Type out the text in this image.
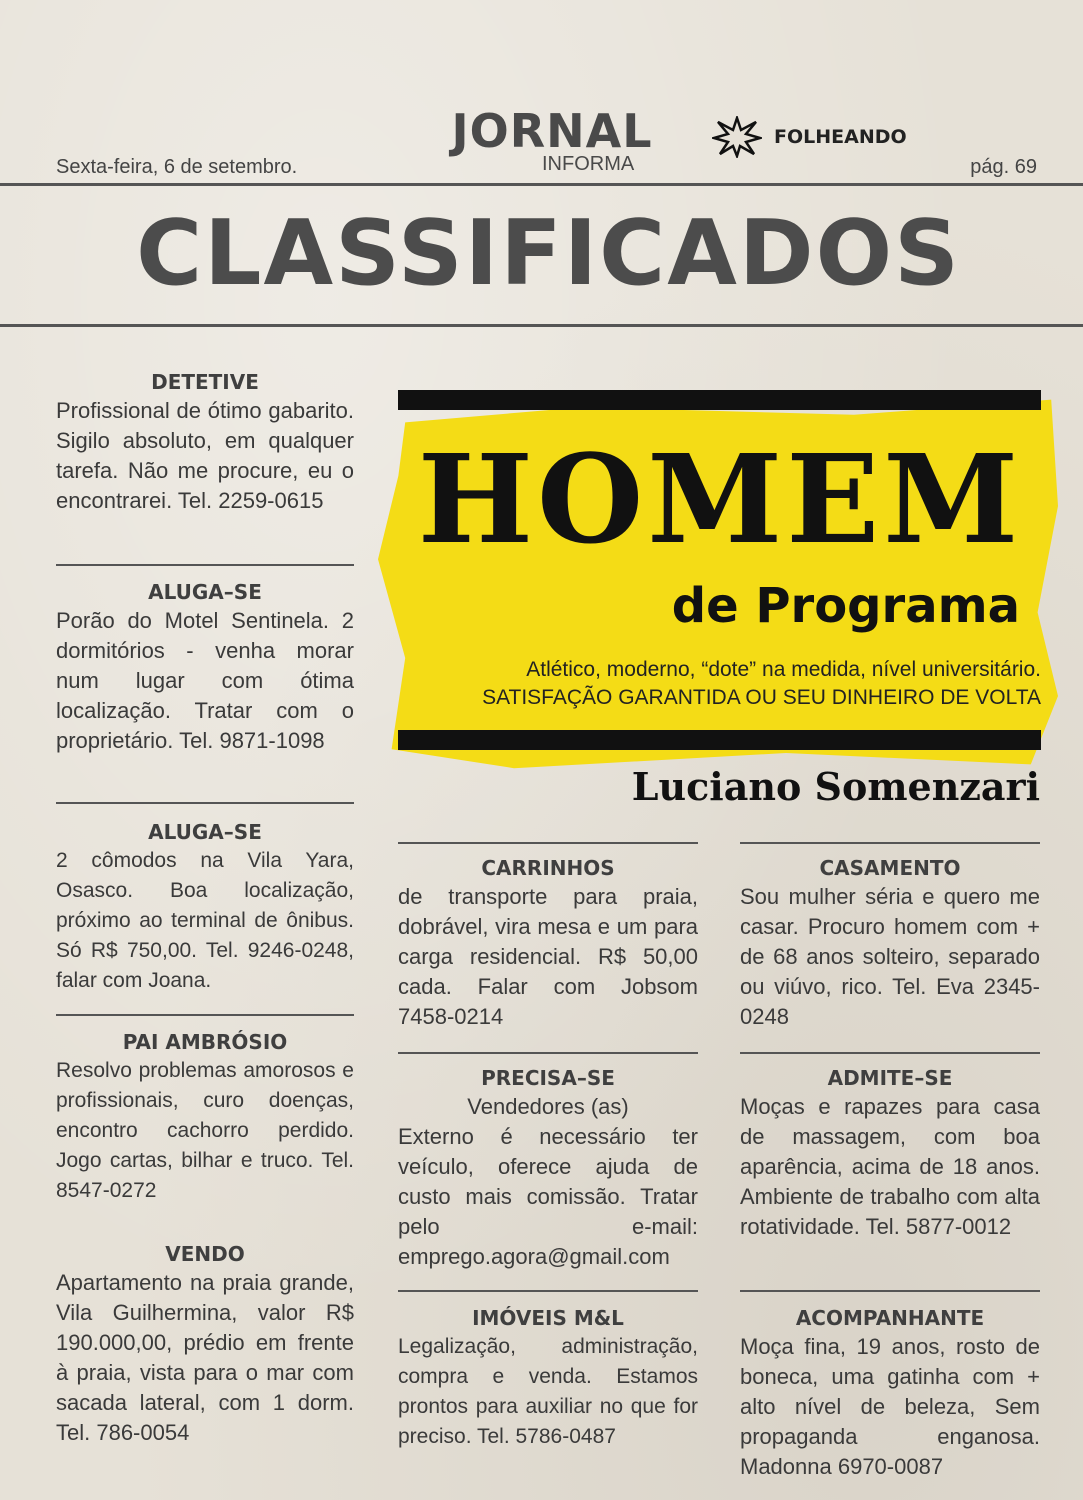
JORNAL
INFORMA
FOLHEANDO
Sexta-feira, 6 de setembro.	pág. 69
CLASSIFICADOS
DETETIVE
Profissional de ótimo gabarito. Sigilo absoluto, em qualquer tarefa. Não me procure, eu o encontrarei. Tel. 2259-0615
ALUGA–SE
Porão do Motel Sentinela. 2 dormitórios - venha morar num lugar com ótima localização. Tratar com o proprietário. Tel. 9871-1098
ALUGA–SE
2 cômodos na Vila Yara, Osasco. Boa localização, próximo ao terminal de ônibus. Só R$ 750,00. Tel. 9246-0248, falar com Joana.
PAI AMBRÓSIO
Resolvo problemas amorosos e profissionais, curo doenças, encontro cachorro perdido. Jogo cartas, bilhar e truco. Tel. 8547-0272
VENDO
Apartamento na praia grande, Vila Guilhermina, valor R$ 190.000,00, prédio em frente à praia, vista para o mar com sacada lateral, com 1 dorm. Tel. 786-0054
HOMEM
de Programa
Atlético, moderno, “dote” na medida, nível universitário.
SATISFAÇÃO GARANTIDA OU SEU DINHEIRO DE VOLTA
Luciano Somenzari
CARRINHOS
de transporte para praia, dobrável, vira mesa e um para carga residencial. R$ 50,00 cada. Falar com Jobsom 7458-0214
PRECISA–SE
Vendedores (as)
Externo é necessário ter veículo, oferece ajuda de custo mais comissão. Tratar pelo e-mail: emprego.agora@gmail.com
IMÓVEIS M&L
Legalização, administração, compra e venda. Estamos prontos para auxiliar no que for preciso. Tel. 5786-0487
CASAMENTO
Sou mulher séria e quero me casar. Procuro homem com + de 68 anos solteiro, separado ou viúvo, rico. Tel. Eva 2345-0248
ADMITE–SE
Moças e rapazes para casa de massagem, com boa aparência, acima de 18 anos. Ambiente de trabalho com alta rotatividade. Tel. 5877-0012
ACOMPANHANTE
Moça fina, 19 anos, rosto de boneca, uma gatinha com + alto nível de beleza, Sem propaganda enganosa. Madonna 6970-0087
